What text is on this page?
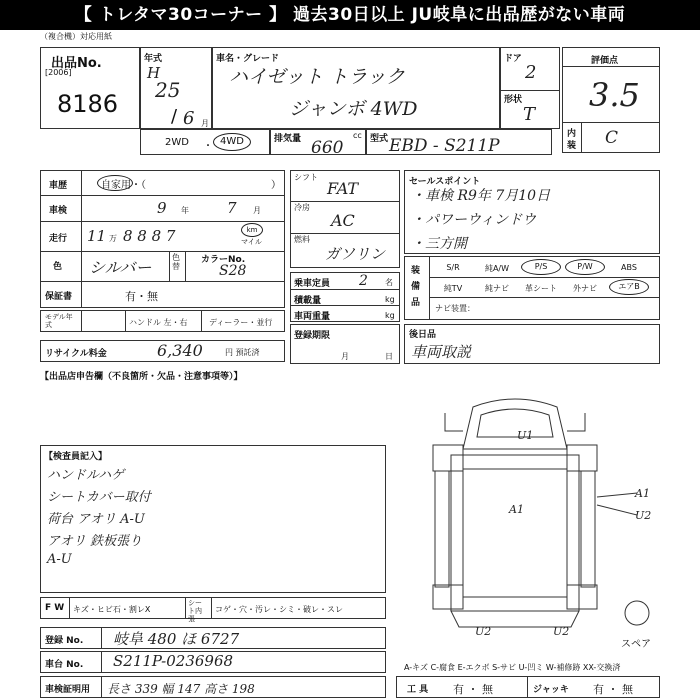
【 トレタマ30コーナー 】 過去30日以上 JU岐阜に出品歴がない車両
（複合機）対応用紙
出品No.
[2006]
8186
年式
H
25
/ 6 月
車名・グレード
ハイゼット トラック
ジャンボ 4WD
ドア
2
形状
T
評価点
3.5
内
装 C
2WD ・ 4WD	排気量	cc
660	型式 EBD - S211P
車歴	自家用・（	）
車検	9 年	7 月
走行 11 万 8 8 8 7	km
マイル
色 シルバー
色替
カラーNo.
S28
保証書	有・無
モデル年式	ハンドル 左・右	ディーラー・並行
リサイクル料金	6,340	円 預託済
シフト
FAT
冷房
AC
燃料
ガソリン
乗車定員 2 名
積載量	kg
車両重量	kg
登録期限
月	日
セールスポイント
・車検 R9年 7月10日
・パワーウィンドウ
・三方開
装備品
S/R	純A/W	P/S	P/W	ABS
純TV	純ナビ	革シート	外ナビ	エアB
ナビ装置：
後日品
車両取説
【出品店申告欄（不良箇所・欠品・注意事項等）】
【検査員記入】
ハンドルハゲ
シートカバー取付
荷台 アオリ A-U
アオリ 鉄板張り
A-U
U1
A1
A1
U2
U2	U2
スペア
F W キズ・ヒビ石・割レX
シート内張
コゲ・穴・汚レ・シミ・破レ・スレ
登録 No. 岐阜 480 ほ 6727
車台 No. S211P-0236968	A-キズ C-腐食 E-エクボ S-サビ U-凹ミ W-補修跡 XX-交換済
車検証明用 長さ 339 幅 147 高さ 198	工 具 有 ・ 無	ジャッキ 有 ・ 無
